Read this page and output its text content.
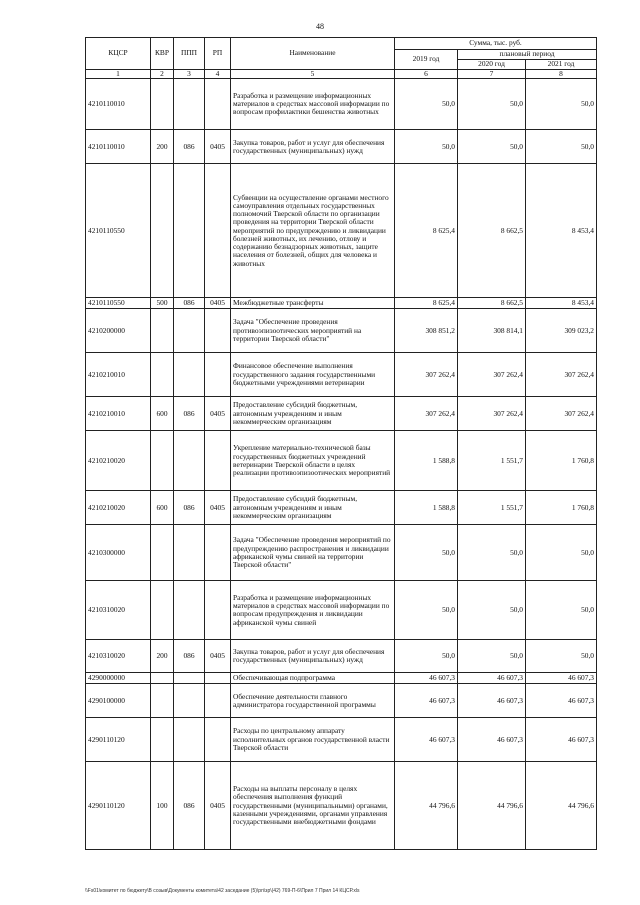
48
КЦСР	КВР	ППП	РП	Наименование	Сумма, тыс. руб.		
					2019 год	плановый период	
						2020 год	2021 год
1	2	3	4	5	6	7	8
4210110010				Разработка и размещение информационных материалов в средствах массовой информации по вопросам профилактики бешенства животных	50,0	50,0	50,0
4210110010	200	086	0405	Закупка товаров, работ и услуг для обеспечения государственных (муниципальных) нужд	50,0	50,0	50,0
4210110550				Субвенции на осуществление органами местного самоуправления отдельных государственных полномочий Тверской области по организации проведения на территории Тверской области мероприятий по предупреждению и ликвидации болезней животных, их лечению, отлову и содержанию безнадзорных животных, защите населения от болезней, общих для человека и животных	8 625,4	8 662,5	8 453,4
4210110550	500	086	0405	Межбюджетные трансферты	8 625,4	8 662,5	8 453,4
4210200000				Задача "Обеспечение проведения противоэпизоотических мероприятий на территории Тверской области"	308 851,2	308 814,1	309 023,2
4210210010				Финансовое обеспечение выполнения государственного задания государственными бюджетными учреждениями ветеринарии	307 262,4	307 262,4	307 262,4
4210210010	600	086	0405	Предоставление субсидий бюджетным, автономным учреждениям и иным некоммерческим организациям	307 262,4	307 262,4	307 262,4
4210210020				Укрепление материально-технической базы государственных бюджетных учреждений ветеринарии Тверской области в целях реализации противоэпизоотических мероприятий	1 588,8	1 551,7	1 760,8
4210210020	600	086	0405	Предоставление субсидий бюджетным, автономным учреждениям и иным некоммерческим организациям	1 588,8	1 551,7	1 760,8
4210300000				Задача "Обеспечение проведения мероприятий по предупреждению распространения и ликвидации африканской чумы свиней на территории Тверской области"	50,0	50,0	50,0
4210310020				Разработка и размещение информационных материалов в средствах массовой информации по вопросам предупреждения и ликвидации африканской чумы свиней	50,0	50,0	50,0
4210310020	200	086	0405	Закупка товаров, работ и услуг для обеспечения государственных (муниципальных) нужд	50,0	50,0	50,0
4290000000				Обеспечивающая подпрограмма	46 607,3	46 607,3	46 607,3
4290100000				Обеспечение деятельности главного администратора государственной программы	46 607,3	46 607,3	46 607,3
4290110120				Расходы по центральному аппарату исполнительных органов государственной власти Тверской области	46 607,3	46 607,3	46 607,3
4290110120	100	086	0405	Расходы на выплаты персоналу в целях обеспечения выполнения функций государственными (муниципальными) органами, казенными учреждениями, органами управления государственными внебюджетными фондами	44 796,6	44 796,6	44 796,6
\\Fs01\комитет по бюджету\В созыв\Документы комитета\42 заседание (5)\рп\зр\(42) 769-П-6\Прил 7 Прил 14 КЦСР.xls
